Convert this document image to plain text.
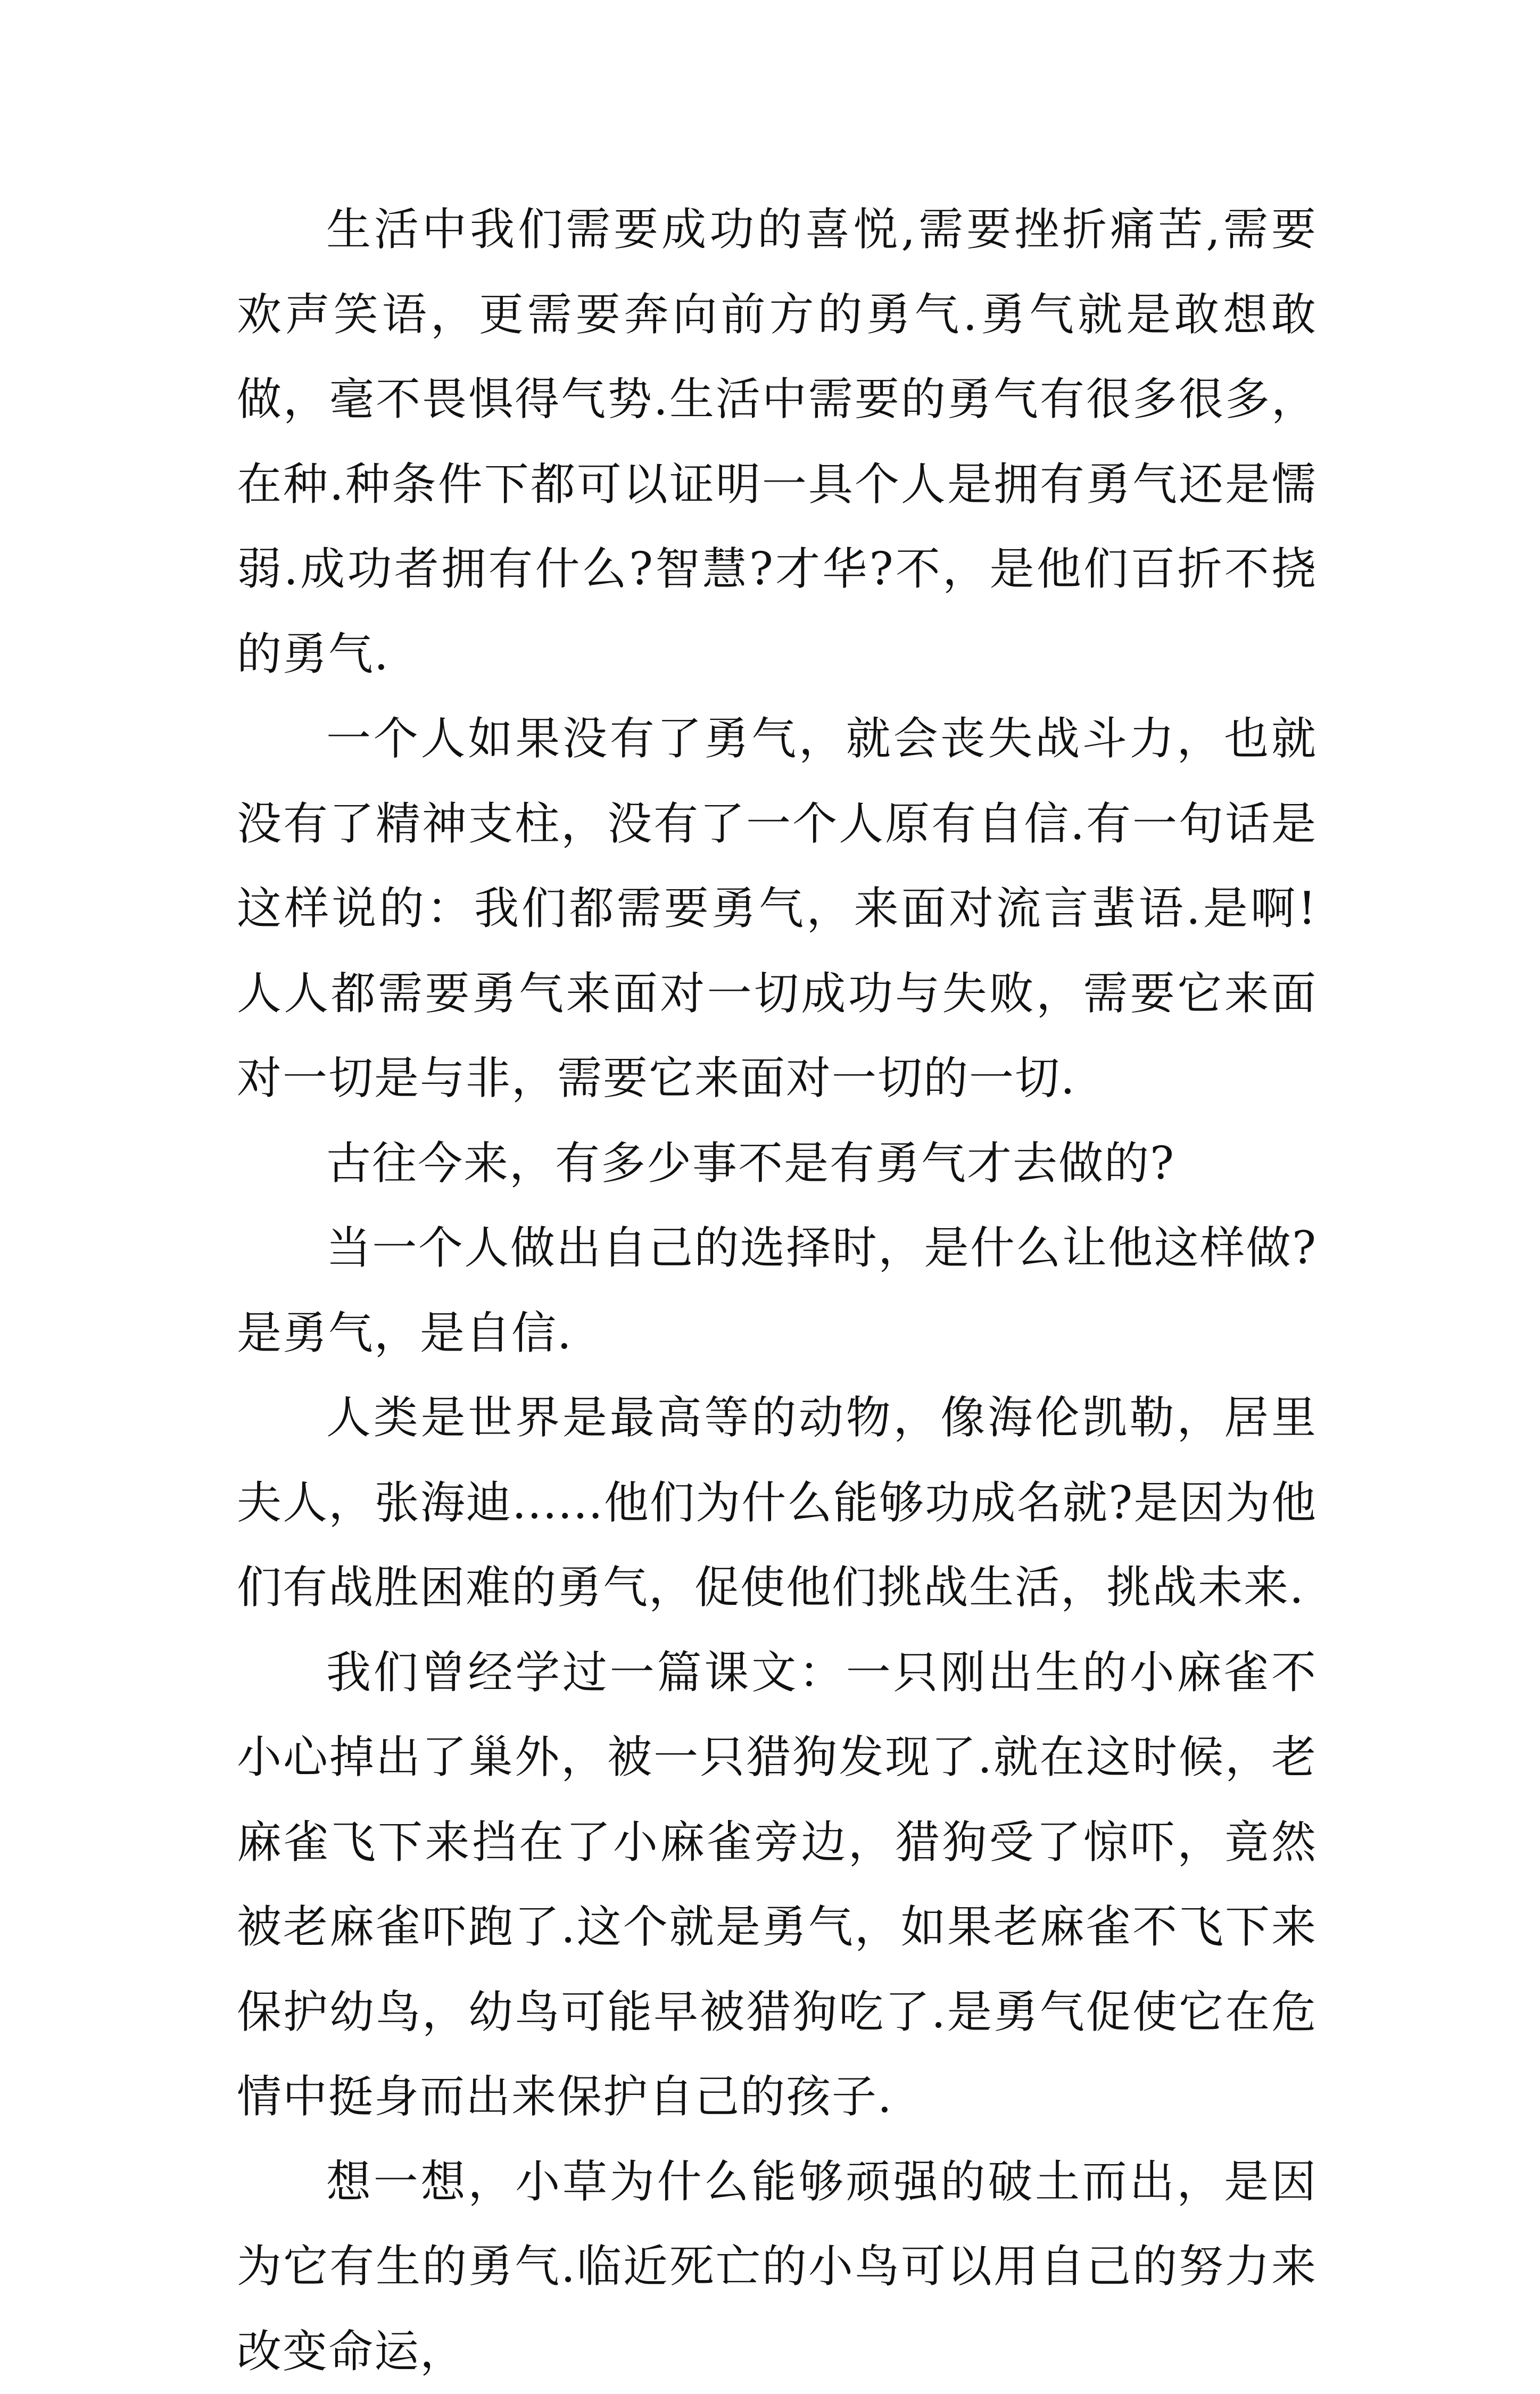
生活中我们需要成功的喜悦,需要挫折痛苦,需要欢声笑语，更需要奔向前方的勇气.勇气就是敢想敢做，毫不畏惧得气势.生活中需要的勇气有很多很多，在种.种条件下都可以证明一具个人是拥有勇气还是懦弱.成功者拥有什么?智慧?才华?不，是他们百折不挠的勇气.

一个人如果没有了勇气，就会丧失战斗力，也就没有了精神支柱，没有了一个人原有自信.有一句话是这样说的：我们都需要勇气，来面对流言蜚语.是啊!人人都需要勇气来面对一切成功与失败，需要它来面对一切是与非，需要它来面对一切的一切.

古往今来，有多少事不是有勇气才去做的?

当一个人做出自己的选择时，是什么让他这样做?是勇气，是自信.

人类是世界是最高等的动物，像海伦凯勒，居里夫人，张海迪......他们为什么能够功成名就?是因为他们有战胜困难的勇气，促使他们挑战生活，挑战未来.

我们曾经学过一篇课文：一只刚出生的小麻雀不小心掉出了巢外，被一只猎狗发现了.就在这时候，老麻雀飞下来挡在了小麻雀旁边，猎狗受了惊吓，竟然被老麻雀吓跑了.这个就是勇气，如果老麻雀不飞下来保护幼鸟，幼鸟可能早被猎狗吃了.是勇气促使它在危情中挺身而出来保护自己的孩子.

想一想，小草为什么能够顽强的破土而出，是因为它有生的勇气.临近死亡的小鸟可以用自己的努力来改变命运，
